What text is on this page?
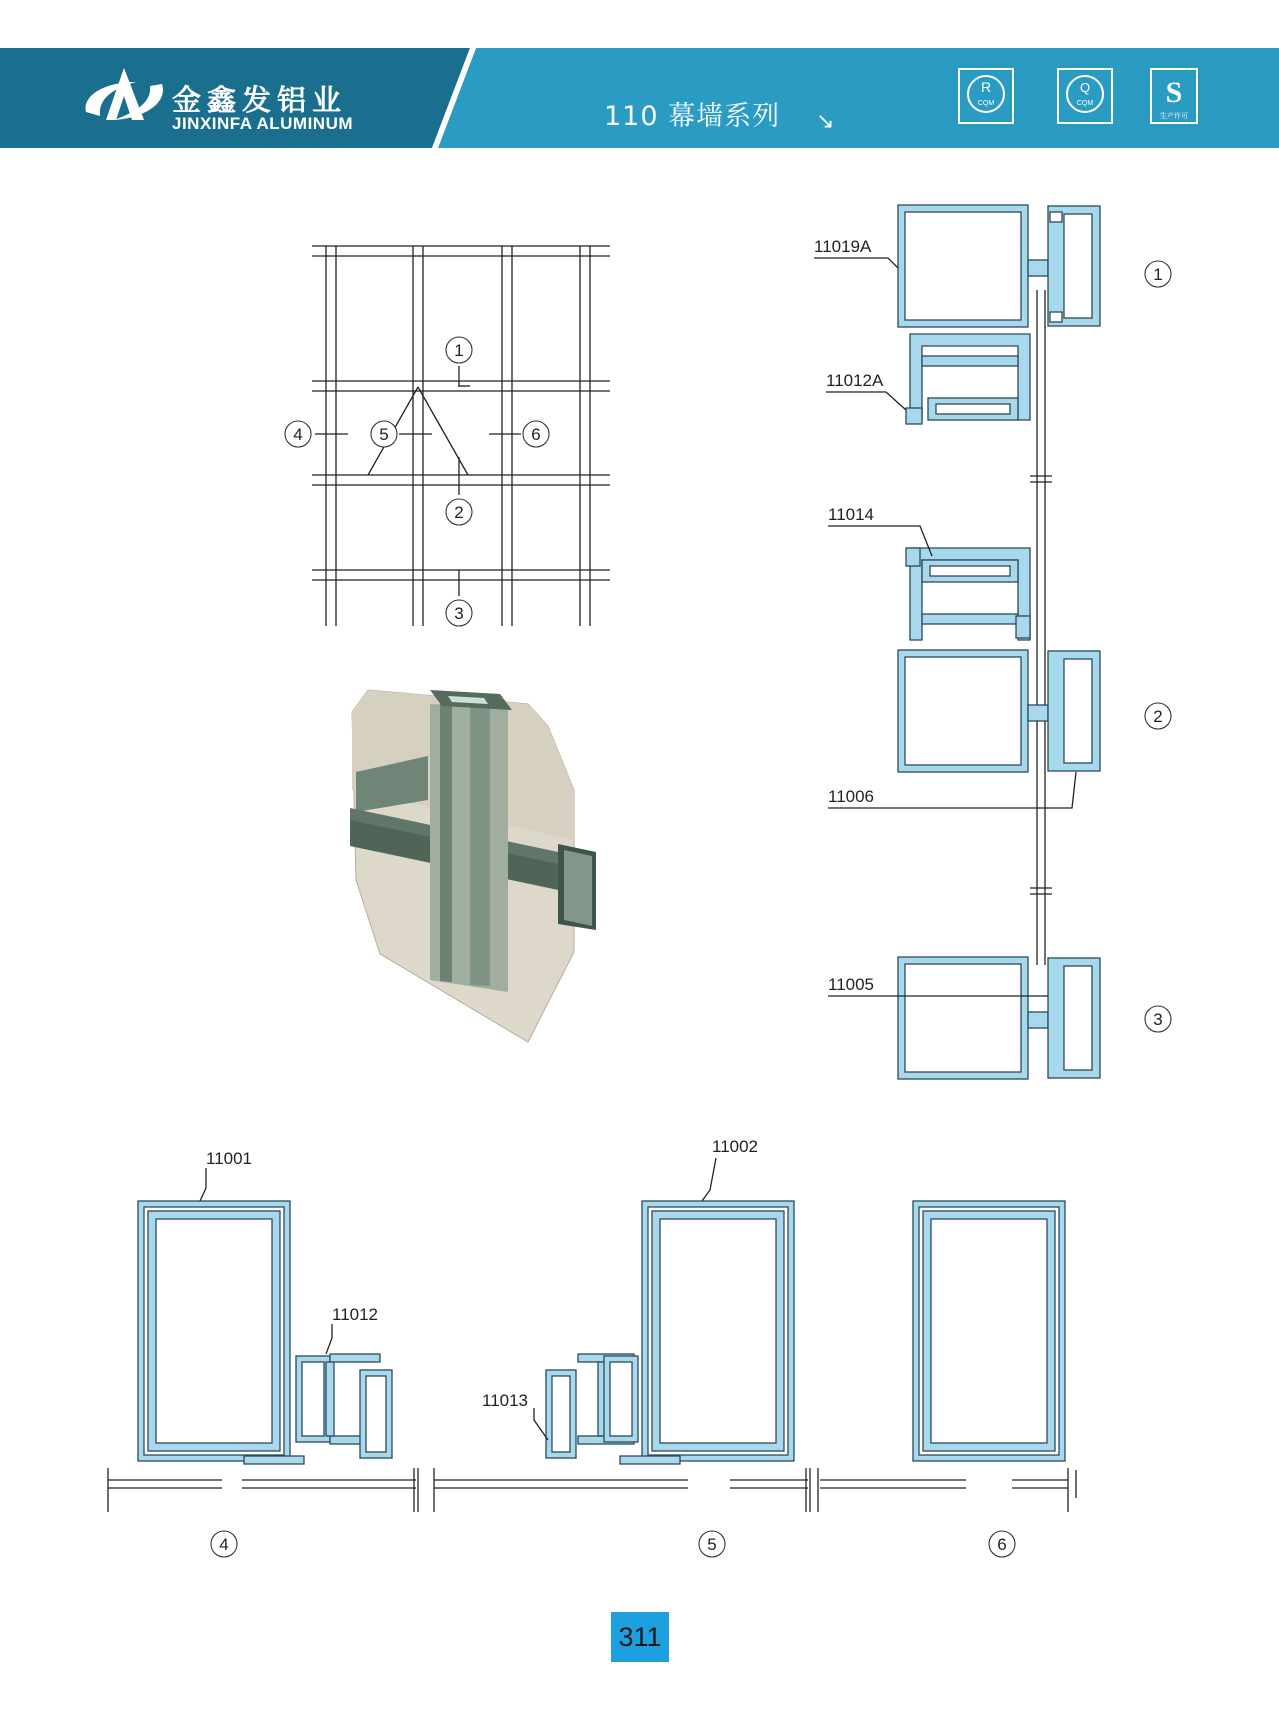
金鑫发铝业
JINXINFA ALUMINUM	110 幕墙系列 ↘
R
CQM
Q
CQM S
生产许可
1
2
3
4	5	6
11019A
11012A
11014
11006
11005
1
2
3
11001
11012
11013
11002
4	5	6
311
